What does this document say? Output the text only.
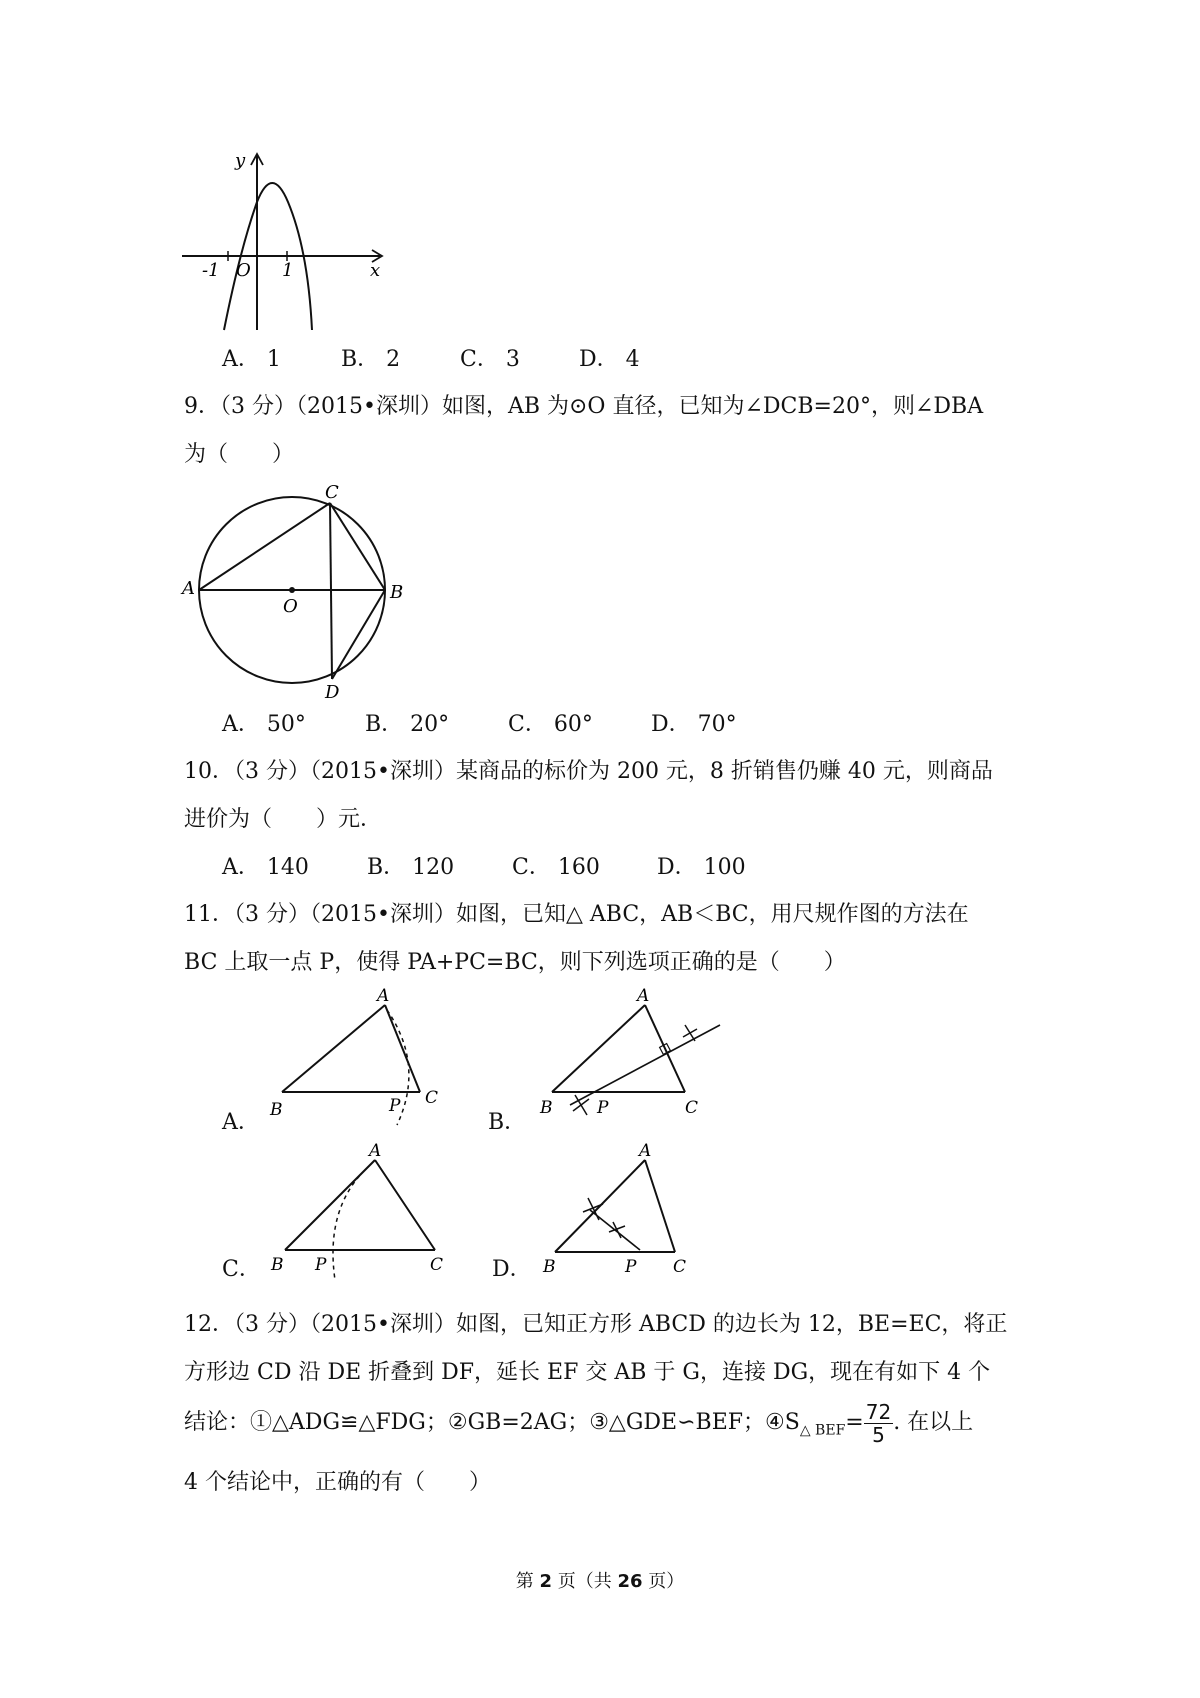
y
x
O
-1	1
A． 1	B． 2	C． 3	D． 4
9．（3 分）（2015•深圳）如图，AB 为⊙O 直径，已知为∠DCB=20°，则∠DBA
为（　　）
A	B
C
D
O
A． 50°	B． 20°	C． 60°	D． 70°
10．（3 分）（2015•深圳）某商品的标价为 200 元，8 折销售仍赚 40 元，则商品
进价为（　　）元．
A． 140	B． 120	C． 160	D． 100
11．（3 分）（2015•深圳）如图，已知△ ABC，AB＜BC，用尺规作图的方法在
BC 上取一点 P，使得 PA+PC=BC，则下列选项正确的是（　　）
A．
A
B
C
P
B．
A
B	C
P
C．
A
B	C
P	D．
A
B	C
P
12．（3 分）（2015•深圳）如图，已知正方形 ABCD 的边长为 12，BE=EC，将正
方形边 CD 沿 DE 折叠到 DF，延长 EF 交 AB 于 G，连接 DG，现在有如下 4 个
结论：①△ADG≌△FDG；②GB=2AG；③△GDE∽BEF；$④S_{\triangle BEF}= \frac{72}{5}$ . 在以上
4 个结论中，正确的有（　　）
第 2 页（共 26 页）
